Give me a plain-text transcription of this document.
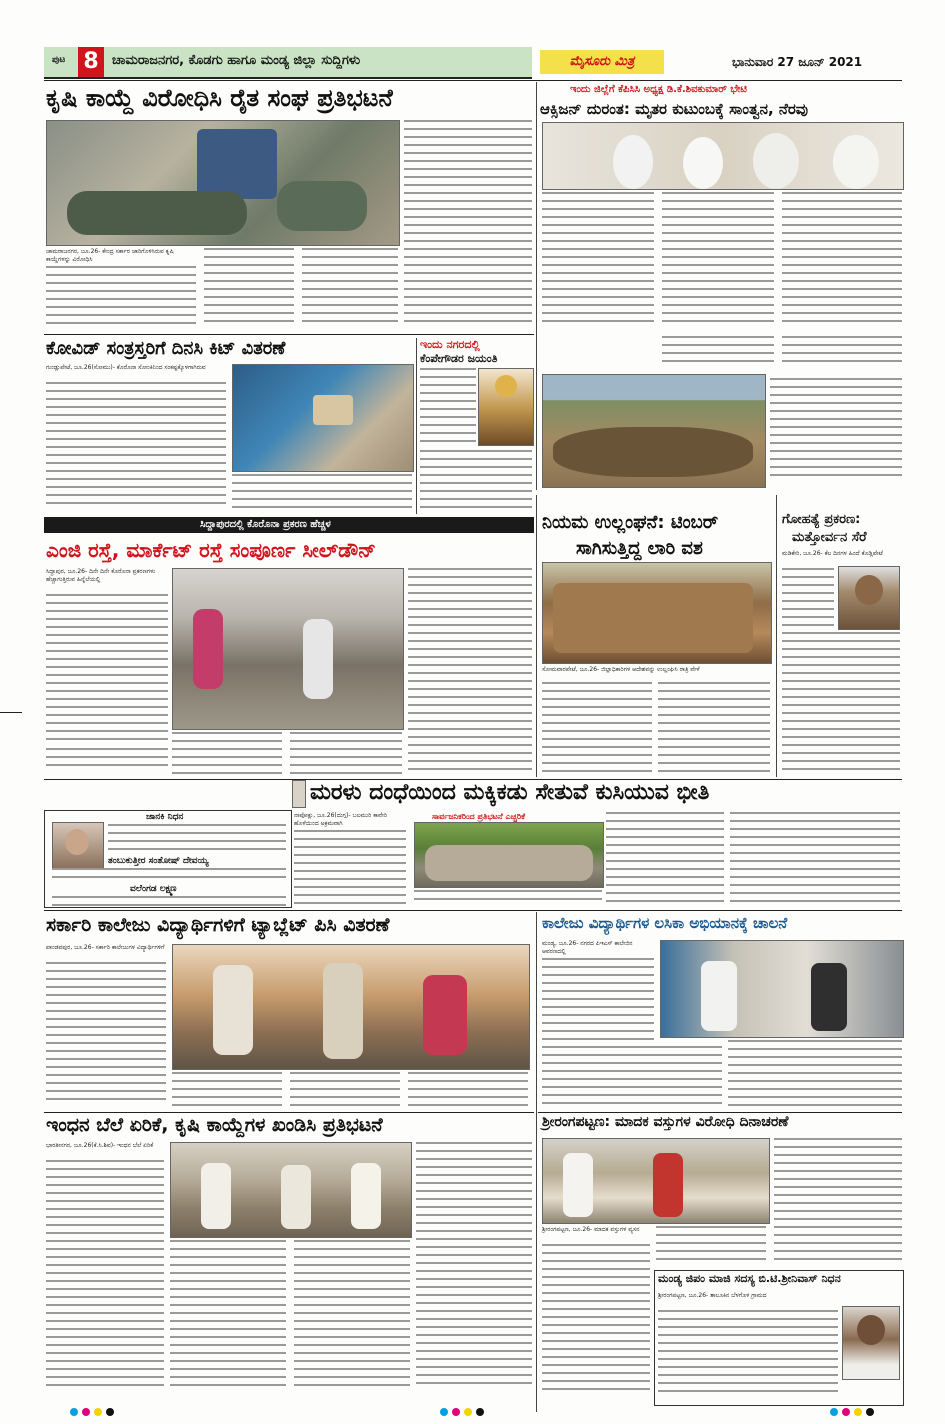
ಪುಟ 8	ಚಾಮರಾಜನಗರ, ಕೊಡಗು ಹಾಗೂ ಮಂಡ್ಯ ಜಿಲ್ಲಾ ಸುದ್ದಿಗಳು	ಮೈಸೂರು ಮಿತ್ರ	ಭಾನುವಾರ 27 ಜೂನ್ 2021
ಕೃಷಿ ಕಾಯ್ದೆ ವಿರೋಧಿಸಿ ರೈತ ಸಂಘ ಪ್ರತಿಭಟನೆ
ಚಾಮರಾಜನಗರ, ಜೂ.26- ಕೇಂದ್ರ ಸರ್ಕಾರ ಜಾರಿಗೊಳಿಸಿರುವ ಕೃಷಿ ಕಾಯ್ದೆಗಳನ್ನು ವಿರೋಧಿಸಿ
ಇಂದು ಜಿಲ್ಲೆಗೆ ಕೆಪಿಸಿಸಿ ಅಧ್ಯಕ್ಷ ಡಿ.ಕೆ.ಶಿವಕುಮಾರ್ ಭೇಟಿ
ಆಕ್ಸಿಜನ್ ದುರಂತ: ಮೃತರ ಕುಟುಂಬಕ್ಕೆ ಸಾಂತ್ವನ, ನೆರವು
ಕೋವಿಡ್ ಸಂತ್ರಸ್ತರಿಗೆ ದಿನಸಿ ಕಿಟ್ ವಿತರಣೆ
ಗುಂಡ್ಲುಪೇಟೆ, ಜೂ.26(ಸೋಮು)- ಕೊರೊನಾ ಸೋಂಕಿನಿಂದ ಸಂಕಷ್ಟಕ್ಕೊಳಗಾಗಿರುವ
ಇಂದು ನಗರದಲ್ಲಿ
ಕೆಂಪೇಗೌಡರ ಜಯಂತಿ
ಸಿದ್ದಾಪುರದಲ್ಲಿ ಕೊರೊನಾ ಪ್ರಕರಣ ಹೆಚ್ಚಳ
ಎಂಜಿ ರಸ್ತೆ, ಮಾರ್ಕೆಟ್ ರಸ್ತೆ ಸಂಪೂರ್ಣ ಸೀಲ್‌ಡೌನ್
ಸಿದ್ದಾಪುರ, ಜೂ.26- ದಿನೇ ದಿನೇ ಕೊರೊನಾ ಪ್ರಕರಣಗಳು ಹೆಚ್ಚಾಗುತ್ತಿರುವ ಹಿನ್ನೆಲೆಯಲ್ಲಿ
ನಿಯಮ ಉಲ್ಲಂಘನೆ: ಟಿಂಬರ್
ಸಾಗಿಸುತ್ತಿದ್ದ ಲಾರಿ ವಶ
ಸೋಮವಾರಪೇಟೆ, ಜೂ.26- ಜಿಲ್ಲಾಧಿಕಾರಿಗಳ ಆದೇಶವನ್ನು ಉಲ್ಲಂಘಿಸಿ ರಾತ್ರಿ ವೇಳೆ
ಗೋಹತ್ಯೆ ಪ್ರಕರಣ:
ಮತ್ತೋರ್ವನ ಸೆರೆ
ಮಡಿಕೇರಿ, ಜೂ.26- ಕೆಲ ದಿನಗಳ ಹಿಂದೆ ಕೊಡ್ಲಿಪೇಟೆ
ಮರಳು ದಂಧೆಯಿಂದ ಮಕ್ಕಿಕಡು ಸೇತುವೆ ಕುಸಿಯುವ ಭೀತಿ
ಜಾನಕಿ ನಿಧನ
ತಂಬುಕುತ್ತೀರ ಸಂತೋಷ್ ದೇವಯ್ಯ
ವಲೆಂಗಡ ಲಕ್ಷ್ಮಣ
ನಾಪೋಕ್ಲು, ಜೂ.26(ದುಗ್ಗ)- ಬಲಮುರಿ ಕಾವೇರಿ ಹೊಳೆಯಿಂದ ಅಕ್ರಮವಾಗಿ
ಸಾರ್ವಜನಿಕರಿಂದ ಪ್ರತಿಭಟನೆ ಎಚ್ಚರಿಕೆ
ಸರ್ಕಾರಿ ಕಾಲೇಜು ವಿದ್ಯಾರ್ಥಿಗಳಿಗೆ ಟ್ಯಾಬ್ಲೆಟ್ ಪಿಸಿ ವಿತರಣೆ
ಪಾಂಡವಪುರ, ಜೂ.26- ಸರ್ಕಾರಿ ಕಾಲೇಜುಗಳ ವಿದ್ಯಾರ್ಥಿಗಳಿಗೆ
ಕಾಲೇಜು ವಿದ್ಯಾರ್ಥಿಗಳ ಲಸಿಕಾ ಅಭಿಯಾನಕ್ಕೆ ಚಾಲನೆ
ಮಂಡ್ಯ, ಜೂ.26- ನಗರದ ಪಿಇಎಸ್ ಕಾಲೇಜಿನ ಆವರಣದಲ್ಲಿ
ಶ್ರೀರಂಗಪಟ್ಟಣ: ಮಾದಕ ವಸ್ತುಗಳ ವಿರೋಧಿ ದಿನಾಚರಣೆ
ಶ್ರೀರಂಗಪಟ್ಟಣ, ಜೂ.26- ಮಾದಕ ವಸ್ತುಗಳ ವ್ಯಸನ
ಮಂಡ್ಯ ಜಿಪಂ ಮಾಜಿ ಸದಸ್ಯ ಬಿ.ಟಿ.ಶ್ರೀನಿವಾಸ್ ನಿಧನ
ಶ್ರೀರಂಗಪಟ್ಟಣ, ಜೂ.26- ತಾಲೂಕಿನ ಬೆಳಗೊಳ ಗ್ರಾಮದ
ಇಂಧನ ಬೆಲೆ ಏರಿಕೆ, ಕೃಷಿ ಕಾಯ್ದೆಗಳ ಖಂಡಿಸಿ ಪ್ರತಿಭಟನೆ
ಭಾರತೀನಗರ, ಜೂ.26(ಕೆ.ಸಿ.ಶಿವ)- ಇಂಧನ ಬೆಲೆ ಏರಿಕೆ
